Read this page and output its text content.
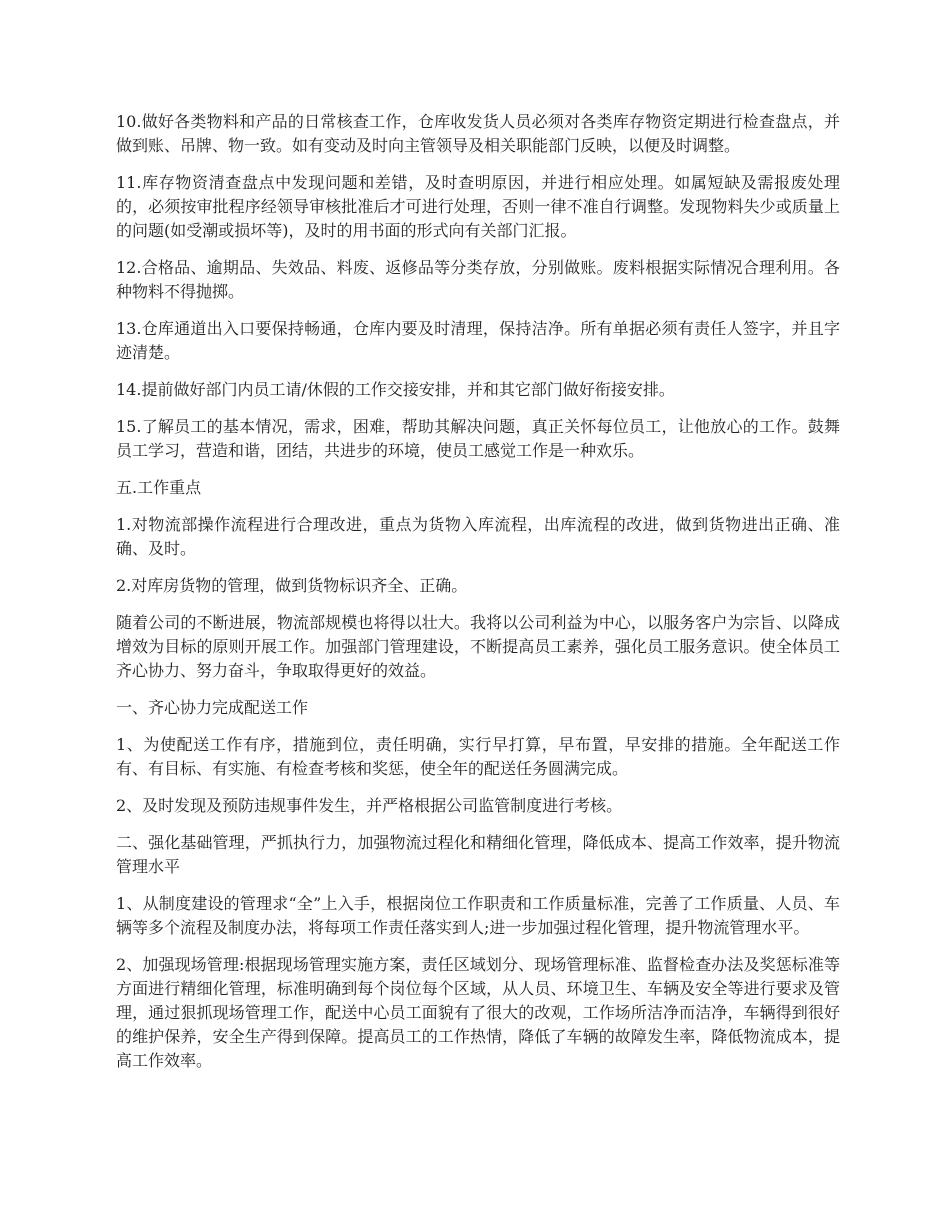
10.做好各类物料和产品的日常核查工作，仓库收发货人员必须对各类库存物资定期进行检查盘点，并做到账、吊牌、物一致。如有变动及时向主管领导及相关职能部门反映，以便及时调整。

11.库存物资清查盘点中发现问题和差错，及时查明原因，并进行相应处理。如属短缺及需报废处理的，必须按审批程序经领导审核批准后才可进行处理，否则一律不准自行调整。发现物料失少或质量上的问题(如受潮或损坏等)，及时的用书面的形式向有关部门汇报。

12.合格品、逾期品、失效品、料废、返修品等分类存放，分别做账。废料根据实际情况合理利用。各种物料不得抛掷。

13.仓库通道出入口要保持畅通，仓库内要及时清理，保持洁净。所有单据必须有责任人签字，并且字迹清楚。

14.提前做好部门内员工请/休假的工作交接安排，并和其它部门做好衔接安排。

15.了解员工的基本情况，需求，困难，帮助其解决问题，真正关怀每位员工，让他放心的工作。鼓舞员工学习，营造和谐，团结，共进步的环境，使员工感觉工作是一种欢乐。

五.工作重点

1.对物流部操作流程进行合理改进，重点为货物入库流程，出库流程的改进，做到货物进出正确、准确、及时。

2.对库房货物的管理，做到货物标识齐全、正确。

随着公司的不断进展，物流部规模也将得以壮大。我将以公司利益为中心，以服务客户为宗旨、以降成增效为目标的原则开展工作。加强部门管理建设，不断提高员工素养，强化员工服务意识。使全体员工齐心协力、努力奋斗，争取取得更好的效益。

一、齐心协力完成配送工作

1、为使配送工作有序，措施到位，责任明确，实行早打算，早布置，早安排的措施。全年配送工作有、有目标、有实施、有检查考核和奖惩，使全年的配送任务圆满完成。

2、及时发现及预防违规事件发生，并严格根据公司监管制度进行考核。

二、强化基础管理，严抓执行力，加强物流过程化和精细化管理，降低成本、提高工作效率，提升物流管理水平

1、从制度建设的管理求“全”上入手，根据岗位工作职责和工作质量标准，完善了工作质量、人员、车辆等多个流程及制度办法，将每项工作责任落实到人;进一步加强过程化管理，提升物流管理水平。

2、加强现场管理:根据现场管理实施方案，责任区域划分、现场管理标准、监督检查办法及奖惩标准等方面进行精细化管理，标准明确到每个岗位每个区域，从人员、环境卫生、车辆及安全等进行要求及管理，通过狠抓现场管理工作，配送中心员工面貌有了很大的改观，工作场所洁净而洁净，车辆得到很好的维护保养，安全生产得到保障。提高员工的工作热情，降低了车辆的故障发生率，降低物流成本，提高工作效率。
